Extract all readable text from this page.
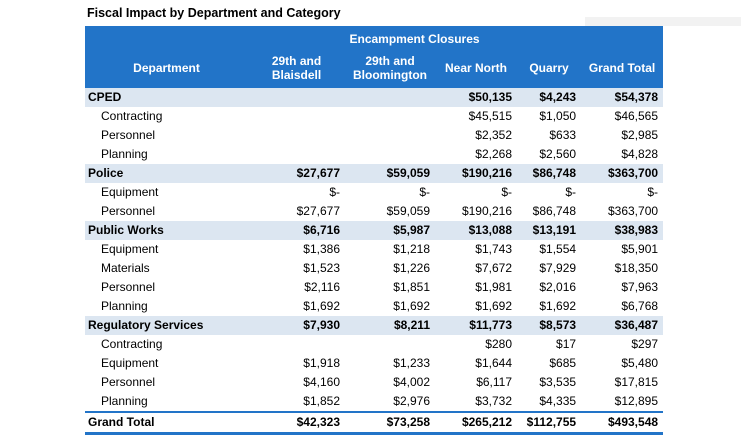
Fiscal Impact by Department and Category
	Encampment Closures				
Department	29th and Blaisdell	29th and Bloomington	Near North	Quarry	Grand Total
CPED			$50,135	$4,243	$54,378
Contracting			$45,515	$1,050	$46,565
Personnel			$2,352	$633	$2,985
Planning			$2,268	$2,560	$4,828
Police	$27,677	$59,059	$190,216	$86,748	$363,700
Equipment	$-	$-	$-	$-	$-
Personnel	$27,677	$59,059	$190,216	$86,748	$363,700
Public Works	$6,716	$5,987	$13,088	$13,191	$38,983
Equipment	$1,386	$1,218	$1,743	$1,554	$5,901
Materials	$1,523	$1,226	$7,672	$7,929	$18,350
Personnel	$2,116	$1,851	$1,981	$2,016	$7,963
Planning	$1,692	$1,692	$1,692	$1,692	$6,768
Regulatory Services	$7,930	$8,211	$11,773	$8,573	$36,487
Contracting			$280	$17	$297
Equipment	$1,918	$1,233	$1,644	$685	$5,480
Personnel	$4,160	$4,002	$6,117	$3,535	$17,815
Planning	$1,852	$2,976	$3,732	$4,335	$12,895
Grand Total	$42,323	$73,258	$265,212	$112,755	$493,548
